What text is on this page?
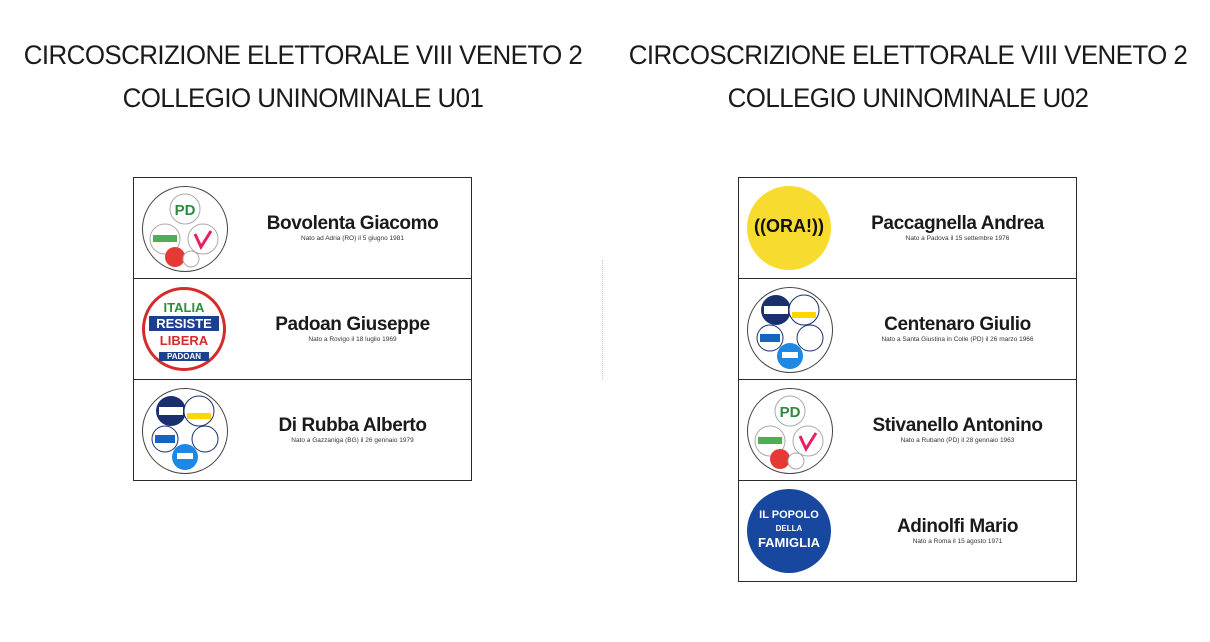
CIRCOSCRIZIONE ELETTORALE VIII VENETO 2
COLLEGIO UNINOMINALE U01
PD
Bovolenta Giacomo
Nato ad Adria (RO) il 5 giugno 1981
ITALIA
RESISTE
LIBERA
PADOAN
Padoan Giuseppe
Nato a Rovigo il 18 luglio 1969
Di Rubba Alberto
Nato a Gazzaniga (BG) il 26 gennaio 1979
CIRCOSCRIZIONE ELETTORALE VIII VENETO 2
COLLEGIO UNINOMINALE U02
((ORA!))	Paccagnella Andrea
Nato a Padova il 15 settembre 1976
Centenaro Giulio
Nato a Santa Giustina in Colle (PD) il 26 marzo 1966
PD
Stivanello Antonino
Nato a Rubano (PD) il 28 gennaio 1963
IL POPOLO
DELLA
FAMIGLIA
Adinolfi Mario
Nato a Roma il 15 agosto 1971
